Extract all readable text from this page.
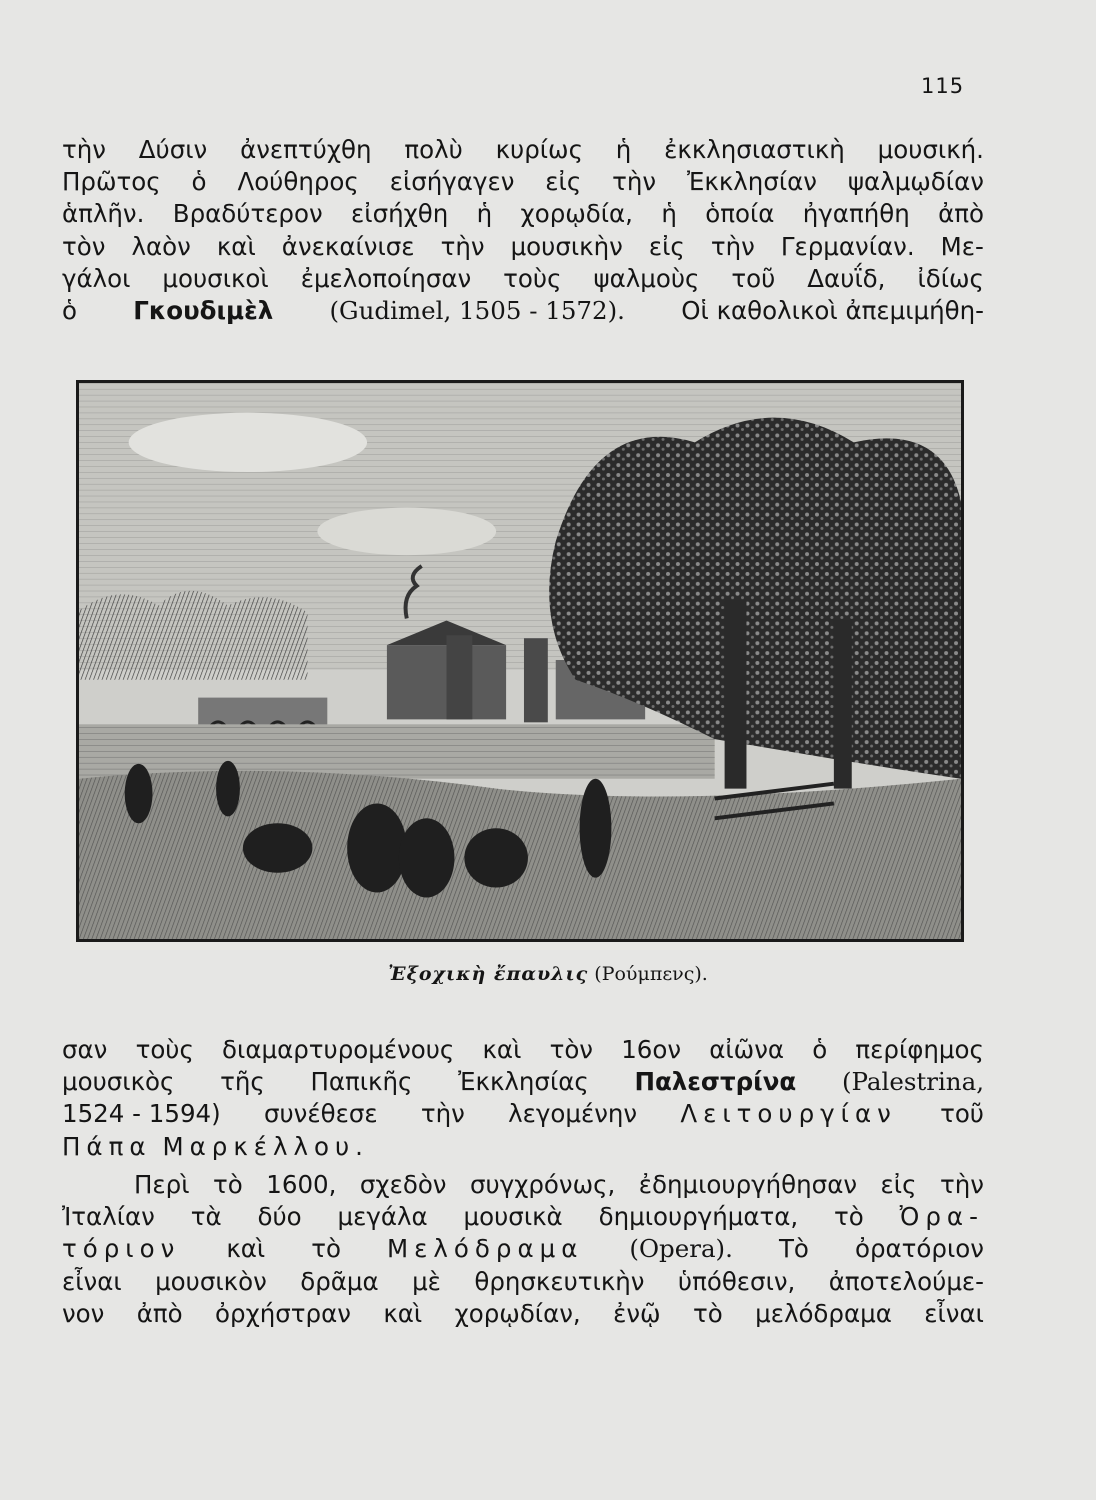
115
τὴν Δύσιν ἀνεπτύχθη πολὺ κυρίως ἡ ἐκκλησιαστικὴ μουσική.
Πρῶτος ὁ Λούθηρος εἰσήγαγεν εἰς τὴν Ἐκκλησίαν ψαλμῳδίαν
ἁπλῆν. Βραδύτερον εἰσήχθη ἡ χορῳδία, ἡ ὁποία ἠγαπήθη ἀπὸ
τὸν λαὸν καὶ ἀνεκαίνισε τὴν μουσικὴν εἰς τὴν Γερμανίαν. Με-
γάλοι μουσικοὶ ἐμελοποίησαν τοὺς ψαλμοὺς τοῦ Δαυΐδ, ἰδίως
ὁ Γκουδιμὲλ (Gudimel, 1505 - 1572). Οἱ καθολικοὶ ἀπεμιμήθη-
Ἐξοχικὴ ἔπαυλις (Ρούμπενς).
σαν τοὺς διαμαρτυρομένους καὶ τὸν 16ον αἰῶνα ὁ περίφημος
μουσικὸς τῆς Παπικῆς Ἐκκλησίας Παλεστρίνα (Palestrina,
1524 - 1594) συνέθεσε τὴν λεγομένην Λειτουργίαν τοῦ
Πάπα Μαρκέλλου.
Περὶ τὸ 1600, σχεδὸν συγχρόνως, ἐδημιουργήθησαν εἰς τὴν
Ἰταλίαν τὰ δύο μεγάλα μουσικὰ δημιουργήματα, τὸ Ὀρα-
τόριον καὶ τὸ Μελόδραμα (Opera). Τὸ ὀρατόριον
εἶναι μουσικὸν δρᾶμα μὲ θρησκευτικὴν ὑπόθεσιν, ἀποτελούμε-
νον ἀπὸ ὀρχήστραν καὶ χορῳδίαν, ἐνῷ τὸ μελόδραμα εἶναι
